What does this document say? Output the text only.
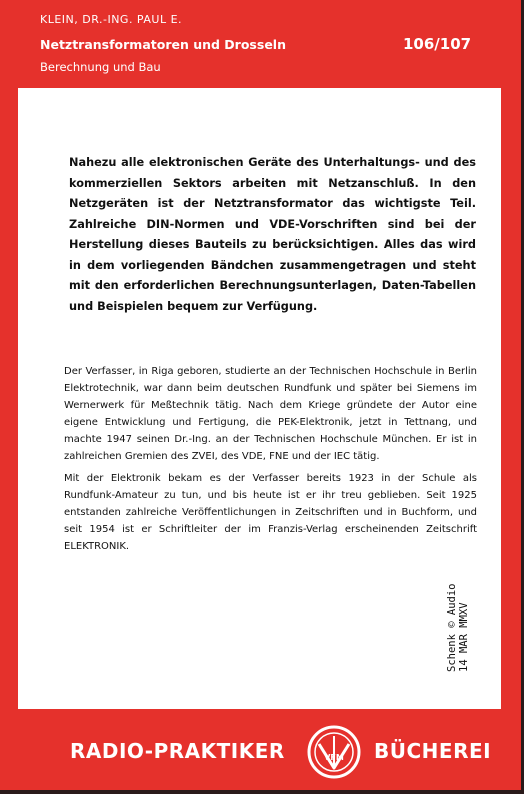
KLEIN, DR.-ING. PAUL E.
Netztransformatoren und Drosseln
Berechnung und Bau
106/107

Nahezu alle elektronischen Geräte des Unterhaltungs- und des kommerziellen Sektors arbeiten mit Netzanschluß. In den Netzgeräten ist der Netztransformator das wichtigste Teil. Zahlreiche DIN-Normen und VDE-Vorschriften sind bei der Herstellung dieses Bauteils zu berücksichtigen. Alles das wird in dem vorliegenden Bändchen zusammengetragen und steht mit den erforderlichen Berechnungsunterlagen, Daten-Tabellen und Beispielen bequem zur Verfügung.

Der Verfasser, in Riga geboren, studierte an der Technischen Hochschule in Berlin Elektrotechnik, war dann beim deutschen Rundfunk und später bei Siemens im Wernerwerk für Meßtechnik tätig. Nach dem Kriege gründete der Autor eine eigene Entwicklung und Fertigung, die PEK-Elektronik, jetzt in Tettnang, und machte 1947 seinen Dr.-Ing. an der Technischen Hochschule München. Er ist in zahlreichen Gremien des ZVEI, des VDE, FNE und der IEC tätig.

Mit der Elektronik bekam es der Verfasser bereits 1923 in der Schule als Rundfunk-Amateur zu tun, und bis heute ist er ihr treu geblieben. Seit 1925 entstanden zahlreiche Veröffentlichungen in Zeitschriften und in Buchform, und seit 1954 ist er Schriftleiter der im Franzis-Verlag erscheinenden Zeitschrift ELEKTRONIK.

Schenk © Audio 14 MAR MMXV
RADIO-PRAKTIKER	VFM BÜCHEREI
